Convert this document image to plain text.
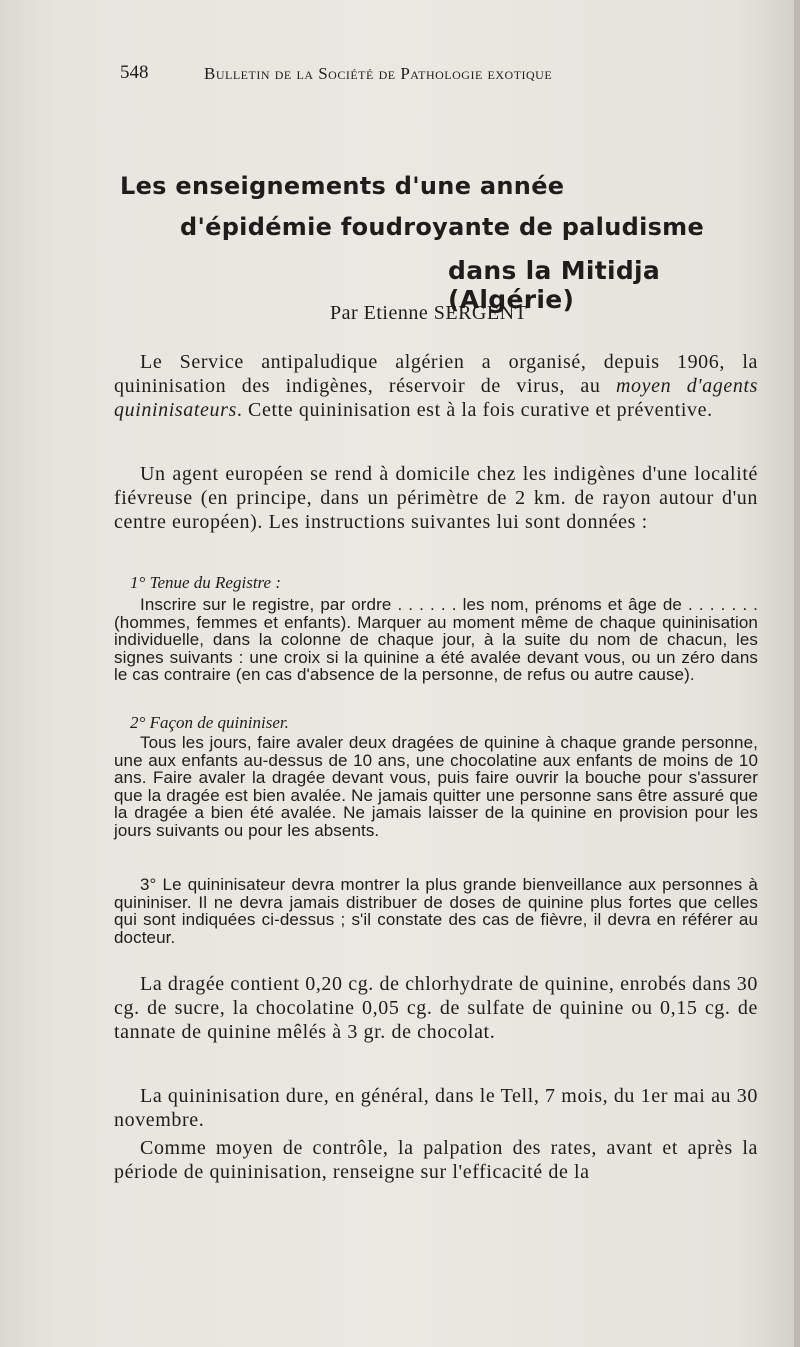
548	Bulletin de la Société de Pathologie exotique
Les enseignements d'une année
d'épidémie foudroyante de paludisme
dans la Mitidja (Algérie)
Par Etienne SERGENT
Le Service antipaludique algérien a organisé, depuis 1906, la quininisation des indigènes, réservoir de virus, au moyen d'agents quininisateurs. Cette quininisation est à la fois curative et préventive.
Un agent européen se rend à domicile chez les indigènes d'une localité fiévreuse (en principe, dans un périmètre de 2 km. de rayon autour d'un centre européen). Les instructions suivantes lui sont données :
1° Tenue du Registre :
Inscrire sur le registre, par ordre . . . . . . les nom, prénoms et âge de . . . . . . . (hommes, femmes et enfants). Marquer au moment même de chaque quininisation individuelle, dans la colonne de chaque jour, à la suite du nom de chacun, les signes suivants : une croix si la quinine a été avalée devant vous, ou un zéro dans le cas contraire (en cas d'absence de la personne, de refus ou autre cause).
2° Façon de quininiser.
Tous les jours, faire avaler deux dragées de quinine à chaque grande personne, une aux enfants au-dessus de 10 ans, une chocolatine aux enfants de moins de 10 ans. Faire avaler la dragée devant vous, puis faire ouvrir la bouche pour s'assurer que la dragée est bien avalée. Ne jamais quitter une personne sans être assuré que la dragée a bien été avalée. Ne jamais laisser de la quinine en provision pour les jours suivants ou pour les absents.
3° Le quininisateur devra montrer la plus grande bienveillance aux personnes à quininiser. Il ne devra jamais distribuer de doses de quinine plus fortes que celles qui sont indiquées ci-dessus ; s'il constate des cas de fièvre, il devra en référer au docteur.
La dragée contient 0,20 cg. de chlorhydrate de quinine, enrobés dans 30 cg. de sucre, la chocolatine 0,05 cg. de sulfate de quinine ou 0,15 cg. de tannate de quinine mêlés à 3 gr. de chocolat.
La quininisation dure, en général, dans le Tell, 7 mois, du 1er mai au 30 novembre.
Comme moyen de contrôle, la palpation des rates, avant et après la période de quininisation, renseigne sur l'efficacité de la
